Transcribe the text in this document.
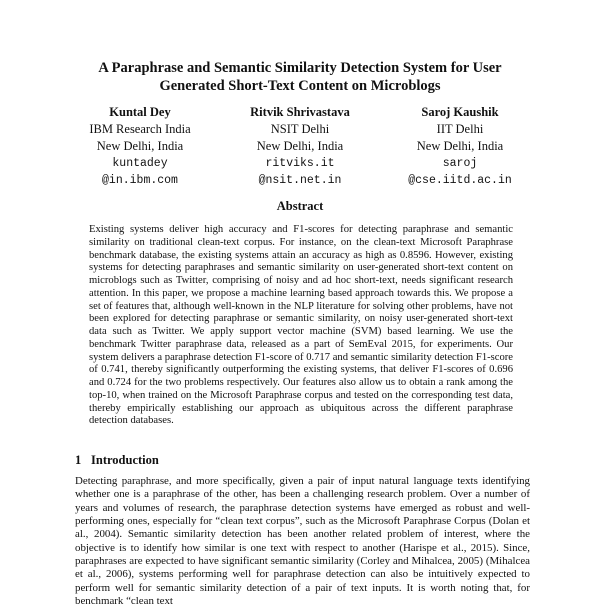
A Paraphrase and Semantic Similarity Detection System for User
Generated Short-Text Content on Microblogs
Kuntal Dey
IBM Research India
New Delhi, India
kuntadey
@in.ibm.com
Ritvik Shrivastava
NSIT Delhi
New Delhi, India
ritviks.it
@nsit.net.in
Saroj Kaushik
IIT Delhi
New Delhi, India
saroj
@cse.iitd.ac.in
Abstract

Existing systems deliver high accuracy and F1-scores for detecting paraphrase and semantic similarity on traditional clean-text corpus. For instance, on the clean-text Microsoft Paraphrase benchmark database, the existing systems attain an accuracy as high as 0.8596. However, existing systems for detecting paraphrases and semantic similarity on user-generated short-text content on microblogs such as Twitter, comprising of noisy and ad hoc short-text, needs significant research attention. In this paper, we propose a machine learning based approach towards this. We propose a set of features that, although well-known in the NLP literature for solving other problems, have not been explored for detecting paraphrase or semantic similarity, on noisy user-generated short-text data such as Twitter. We apply support vector machine (SVM) based learning. We use the benchmark Twitter paraphrase data, released as a part of SemEval 2015, for experiments. Our system delivers a paraphrase detection F1-score of 0.717 and semantic similarity detection F1-score of 0.741, thereby significantly outperforming the existing systems, that deliver F1-scores of 0.696 and 0.724 for the two problems respectively. Our features also allow us to obtain a rank among the top-10, when trained on the Microsoft Paraphrase corpus and tested on the corresponding test data, thereby empirically establishing our approach as ubiquitous across the different paraphrase detection databases.

1 Introduction

Detecting paraphrase, and more specifically, given a pair of input natural language texts identifying whether one is a paraphrase of the other, has been a challenging research problem. Over a number of years and volumes of research, the paraphrase detection systems have emerged as robust and well-performing ones, especially for “clean text corpus”, such as the Microsoft Paraphrase Corpus (Dolan et al., 2004). Semantic similarity detection has been another related problem of interest, where the objective is to identify how similar is one text with respect to another (Harispe et al., 2015). Since, paraphrases are expected to have significant semantic similarity (Corley and Mihalcea, 2005) (Mihalcea et al., 2006), systems performing well for paraphrase detection can also be intuitively expected to perform well for semantic similarity detection of a pair of text inputs. It is worth noting that, for benchmark “clean text
